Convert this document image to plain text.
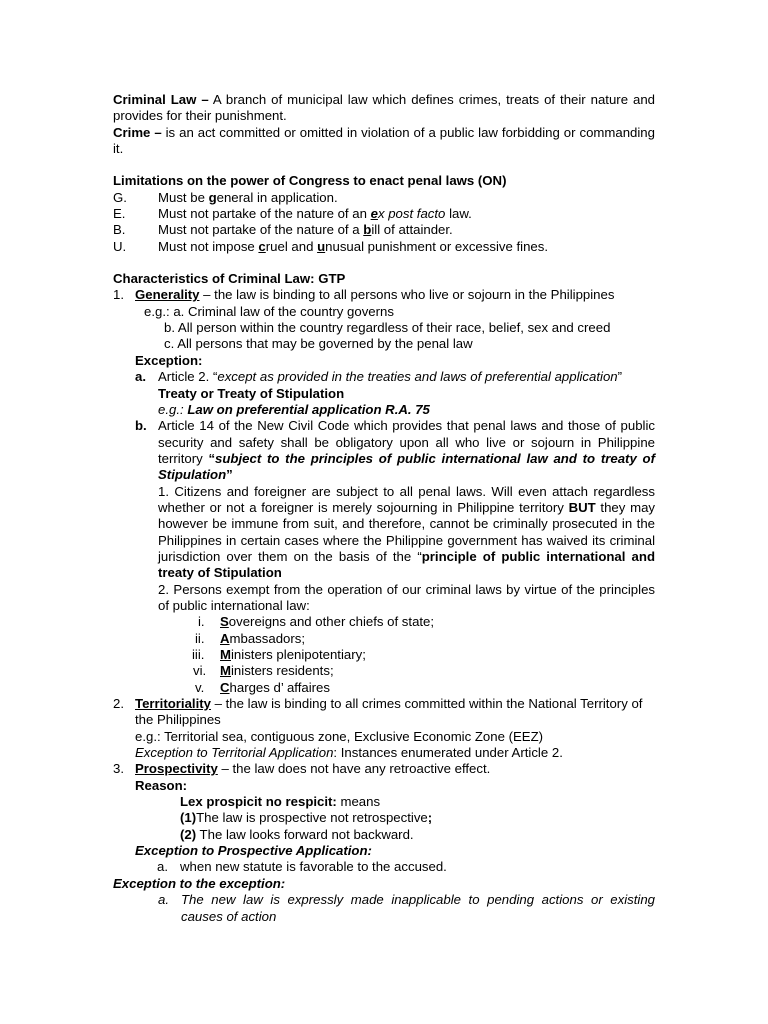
Criminal Law – A branch of municipal law which defines crimes, treats of their nature and provides for their punishment.

Crime – is an act committed or omitted in violation of a public law forbidding or commanding it.

Limitations on the power of Congress to enact penal laws (ON)

G. Must be general in application.
E. Must not partake of the nature of an ex post facto law.
B. Must not partake of the nature of a bill of attainder.
U. Must not impose cruel and unusual punishment or excessive fines.

Characteristics of Criminal Law: GTP

1. Generality – the law is binding to all persons who live or sojourn in the Philippines

e.g.: a. Criminal law of the country governs

b. All person within the country regardless of their race, belief, sex and creed

c. All persons that may be governed by the penal law

Exception:

a. Article 2. “except as provided in the treaties and laws of preferential application”

Treaty or Treaty of Stipulation

e.g.: Law on preferential application R.A. 75

b. Article 14 of the New Civil Code which provides that penal laws and those of public security and safety shall be obligatory upon all who live or sojourn in Philippine territory “subject to the principles of public international law and to treaty of Stipulation”

1. Citizens and foreigner are subject to all penal laws. Will even attach regardless whether or not a foreigner is merely sojourning in Philippine territory BUT they may however be immune from suit, and therefore, cannot be criminally prosecuted in the Philippines in certain cases where the Philippine government has waived its criminal jurisdiction over them on the basis of the “principle of public international and treaty of Stipulation

2. Persons exempt from the operation of our criminal laws by virtue of the principles of public international law:

i. Sovereigns and other chiefs of state;
ii. Ambassadors;
iii. Ministers plenipotentiary;
vi. Ministers residents;
v. Charges d’ affaires
2. Territoriality – the law is binding to all crimes committed within the National Territory of the Philippines

e.g.: Territorial sea, contiguous zone, Exclusive Economic Zone (EEZ)

Exception to Territorial Application: Instances enumerated under Article 2.

3. Prospectivity – the law does not have any retroactive effect.

Reason:

Lex prospicit no respicit: means

(1)The law is prospective not retrospective;

(2) The law looks forward not backward.

Exception to Prospective Application:

a. when new statute is favorable to the accused.

Exception to the exception:

a. The new law is expressly made inapplicable to pending actions or existing causes of action
